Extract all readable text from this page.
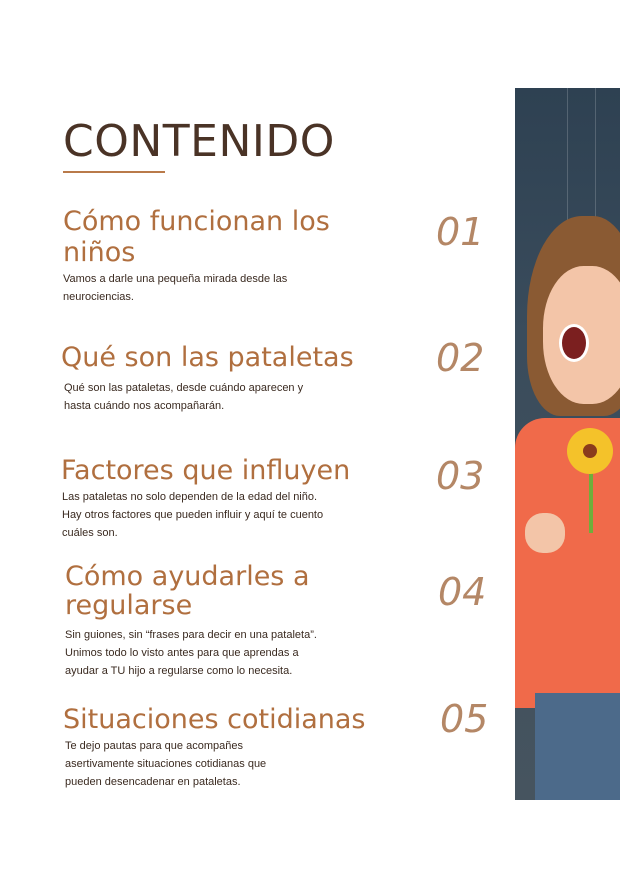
CONTENIDO
Cómo funcionan los
niños

Vamos a darle una pequeña mirada desde las
neurociencias.

01
Qué son las pataletas

Qué son las pataletas, desde cuándo aparecen y
hasta cuándo nos acompañarán.

02
Factores que influyen

Las pataletas no solo dependen de la edad del niño.
Hay otros factores que pueden influir y aquí te cuento
cuáles son.

03
Cómo ayudarles a
regularse

Sin guiones, sin “frases para decir en una pataleta”.
Unimos todo lo visto antes para que aprendas a
ayudar a TU hijo a regularse como lo necesita.

04
Situaciones cotidianas

Te dejo pautas para que acompañes
asertivamente situaciones cotidianas que
pueden desencadenar en pataletas.

05
